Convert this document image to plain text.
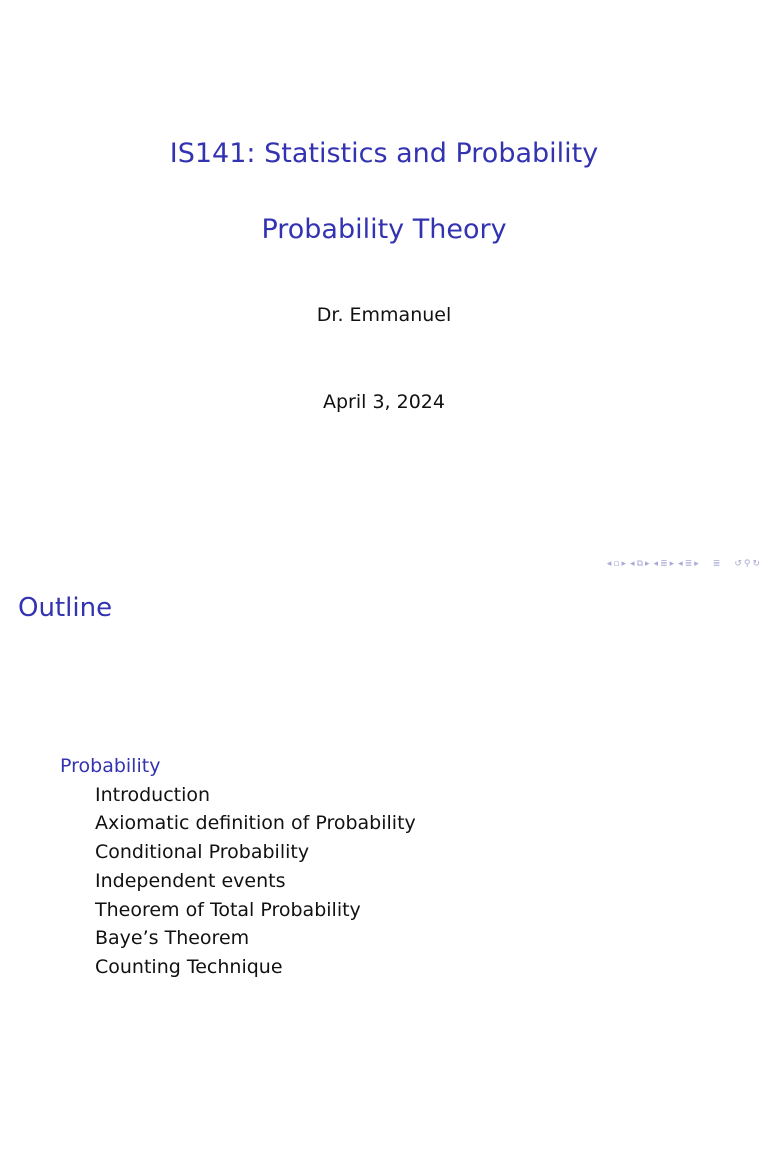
IS141: Statistics and Probability
Probability Theory
Dr. Emmanuel
April 3, 2024
◂ ▫ ▸ ◂ ⧉ ▸ ◂ ≣ ▸ ◂ ≣ ▸ ≣ ↺ ⚲ ↻
Outline
Probability
Introduction
Axiomatic definition of Probability
Conditional Probability
Independent events
Theorem of Total Probability
Baye’s Theorem
Counting Technique
